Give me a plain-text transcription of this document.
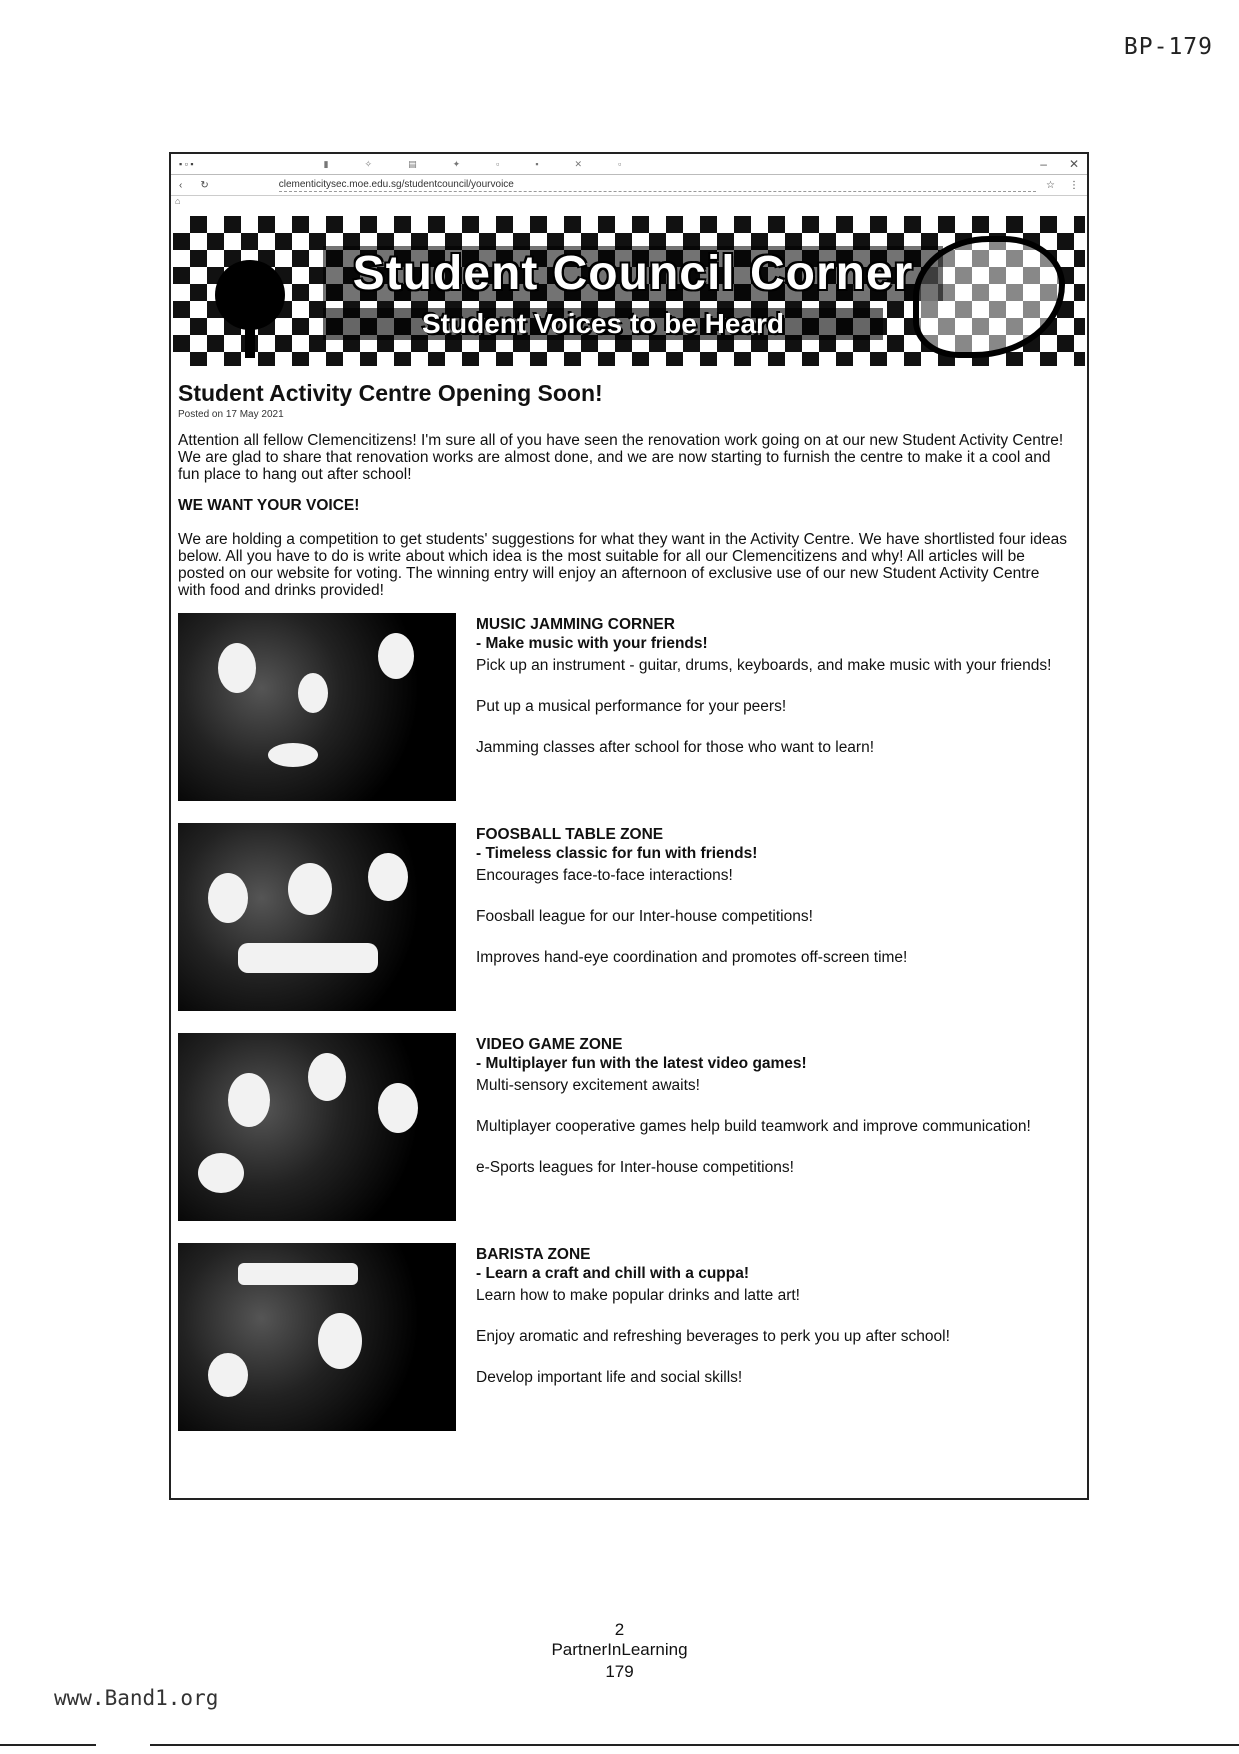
BP-179
▪ ▫ ▪	▮	✧	▤	✦	▫	▪	✕	▫	– ✕
‹ ↻	clementicitysec.moe.edu.sg/studentcouncil/yourvoice	☆ ⋮
⌂
Student Council Corner
Student Voices to be Heard
Student Activity Centre Opening Soon!
Posted on 17 May 2021

Attention all fellow Clemencitizens! I'm sure all of you have seen the renovation work going on at our new Student Activity Centre! We are glad to share that renovation works are almost done, and we are now starting to furnish the centre to make it a cool and fun place to hang out after school!

WE WANT YOUR VOICE!

We are holding a competition to get students' suggestions for what they want in the Activity Centre. We have shortlisted four ideas below. All you have to do is write about which idea is the most suitable for all our Clemencitizens and why! All articles will be posted on our website for voting. The winning entry will enjoy an afternoon of exclusive use of our new Student Activity Centre with food and drinks provided!

MUSIC JAMMING CORNER
- Make music with your friends!

Pick up an instrument - guitar, drums, keyboards, and make music with your friends!

Put up a musical performance for your peers!

Jamming classes after school for those who want to learn!

FOOSBALL TABLE ZONE
- Timeless classic for fun with friends!

Encourages face-to-face interactions!

Foosball league for our Inter-house competitions!

Improves hand-eye coordination and promotes off-screen time!

VIDEO GAME ZONE
- Multiplayer fun with the latest video games!

Multi-sensory excitement awaits!

Multiplayer cooperative games help build teamwork and improve communication!

e-Sports leagues for Inter-house competitions!

BARISTA ZONE
- Learn a craft and chill with a cuppa!

Learn how to make popular drinks and latte art!

Enjoy aromatic and refreshing beverages to perk you up after school!

Develop important life and social skills!

2
PartnerInLearning
179
www.Band1.org
